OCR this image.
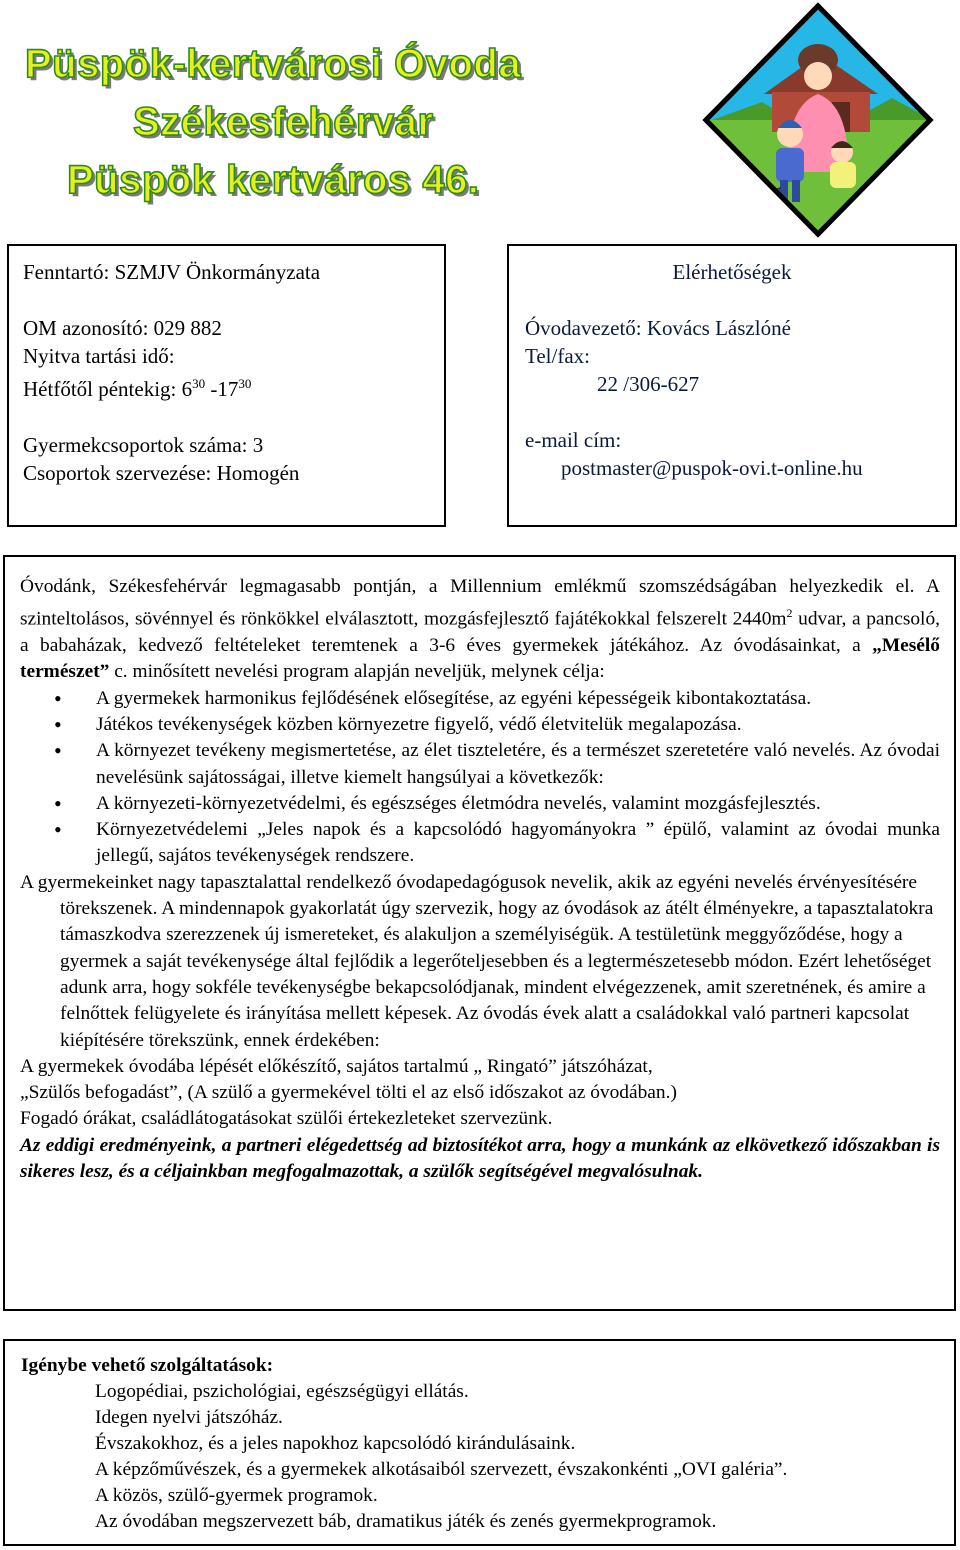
Püspök-kertvárosi Óvoda
Székesfehérvár
Püspök kertváros 46.

Fenntartó: SZMJV Önkormányzata

OM azonosító: 029 882

Nyitva tartási idő:

Hétfőtől péntekig: $6^{30}$ $-17^{30}$

Gyermekcsoportok száma: 3

Csoportok szervezése: Homogén

Elérhetőségek

Óvodavezető: Kovács Lászlóné

Tel/fax:

22 /306-627

e-mail cím:

postmaster@puspok-ovi.t-online.hu

Óvodánk, Székesfehérvár legmagasabb pontján, a Millennium emlékmű szomszédságában helyezkedik el. A szinteltolásos, sövénnyel és rönkökkel elválasztott, mozgásfejlesztő fajátékokkal felszerelt $2440m^2$ udvar, a pancsoló, a babaházak, kedvező feltételeket teremtenek a 3-6 éves gyermekek játékához. Az óvodásainkat, a „Mesélő természet” c. minősített nevelési program alapján neveljük, melynek célja:

• A gyermekek harmonikus fejlődésének elősegítése, az egyéni képességeik kibontakoztatása.
• Játékos tevékenységek közben környezetre figyelő, védő életvitelük megalapozása.
• A környezet tevékeny megismertetése, az élet tiszteletére, és a természet szeretetére való nevelés. Az óvodai nevelésünk sajátosságai, illetve kiemelt hangsúlyai a következők:
• A környezeti-környezetvédelmi, és egészséges életmódra nevelés, valamint mozgásfejlesztés.
• Környezetvédelemi „Jeles napok és a kapcsolódó hagyományokra ” épülő, valamint az óvodai munka jellegű, sajátos tevékenységek rendszere.

A gyermekeinket nagy tapasztalattal rendelkező óvodapedagógusok nevelik, akik az egyéni nevelés érvényesítésére törekszenek. A mindennapok gyakorlatát úgy szervezik, hogy az óvodások az átélt élményekre, a tapasztalatokra támaszkodva szerezzenek új ismereteket, és alakuljon a személyiségük. A testületünk meggyőződése, hogy a gyermek a saját tevékenysége által fejlődik a legerőteljesebben és a legtermészetesebb módon. Ezért lehetőséget adunk arra, hogy sokféle tevékenységbe bekapcsolódjanak, mindent elvégezzenek, amit szeretnének, és amire a felnőttek felügyelete és irányítása mellett képesek. Az óvodás évek alatt a családokkal való partneri kapcsolat kiépítésére törekszünk, ennek érdekében:

A gyermekek óvodába lépését előkészítő, sajátos tartalmú „ Ringató” játszóházat,

„Szülős befogadást”, (A szülő a gyermekével tölti el az első időszakot az óvodában.)

Fogadó órákat, családlátogatásokat szülői értekezleteket szervezünk.

Az eddigi eredményeink, a partneri elégedettség ad biztosítékot arra, hogy a munkánk az elkövetkező időszakban is sikeres lesz, és a céljainkban megfogalmazottak, a szülők segítségével megvalósulnak.

Igénybe vehető szolgáltatások:

Logopédiai, pszichológiai, egészségügyi ellátás.

Idegen nyelvi játszóház.

Évszakokhoz, és a jeles napokhoz kapcsolódó kirándulásaink.

A képzőművészek, és a gyermekek alkotásaiból szervezett, évszakonkénti „OVI galéria”.

A közös, szülő-gyermek programok.

Az óvodában megszervezett báb, dramatikus játék és zenés gyermekprogramok.
